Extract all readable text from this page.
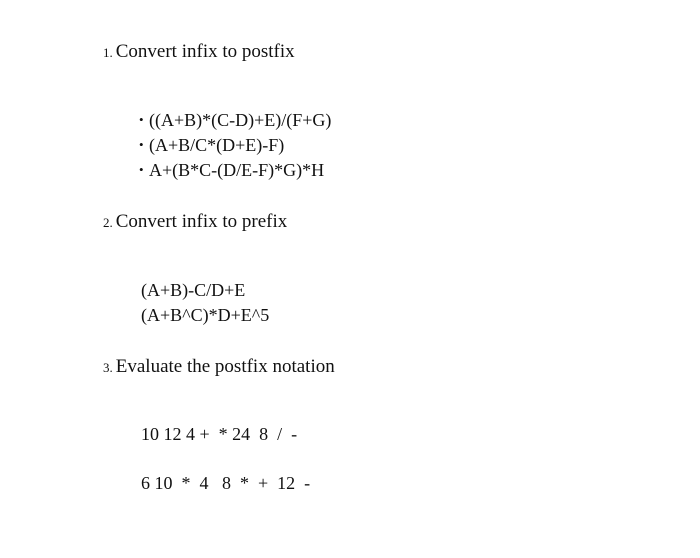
1. Convert infix to postfix

• ((A+B)*(C-D)+E)/(F+G)

• (A+B/C*(D+E)-F)

• A+(B*C-(D/E-F)*G)*H

2. Convert infix to prefix

(A+B)-C/D+E

(A+B^C)*D+E^5

3. Evaluate the postfix notation

10 12 4 +  * 24  8  /  -

6 10  *  4   8  *  +  12  -
